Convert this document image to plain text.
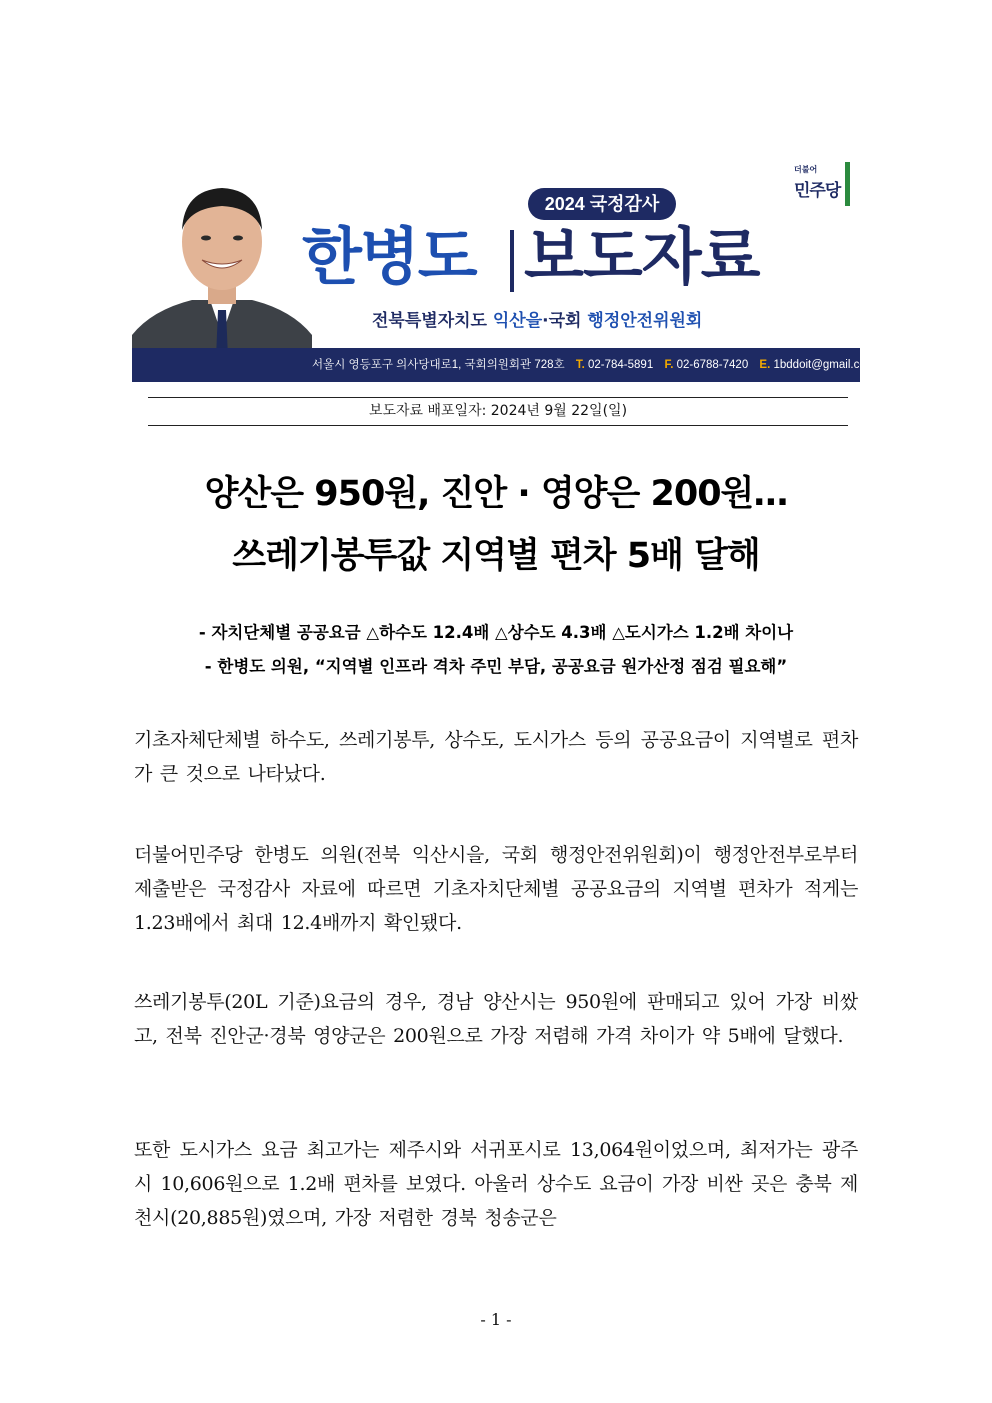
2024 국정감사
한병도 보도자료
더불어
민주당
전북특별자치도 익산을·국회 행정안전위원회
서울시 영등포구 의사당대로1, 국회의원회관 728호 T. 02-784-5891 F. 02-6788-7420 E. 1bddoit@gmail.com
보도자료 배포일자: 2024년 9월 22일(일)
양산은 950원, 진안 · 영양은 200원…
쓰레기봉투값 지역별 편차 5배 달해
- 자치단체별 공공요금 △하수도 12.4배 △상수도 4.3배 △도시가스 1.2배 차이나
- 한병도 의원, “지역별 인프라 격차 주민 부담, 공공요금 원가산정 점검 필요해”
기초자체단체별 하수도, 쓰레기봉투, 상수도, 도시가스 등의 공공요금이 지역별로 편차가 큰 것으로 나타났다.
더불어민주당 한병도 의원(전북 익산시을, 국회 행정안전위원회)이 행정안전부로부터 제출받은 국정감사 자료에 따르면 기초자치단체별 공공요금의 지역별 편차가 적게는 1.23배에서 최대 12.4배까지 확인됐다.
쓰레기봉투(20L 기준)요금의 경우, 경남 양산시는 950원에 판매되고 있어 가장 비쌌고, 전북 진안군·경북 영양군은 200원으로 가장 저렴해 가격 차이가 약 5배에 달했다.
또한 도시가스 요금 최고가는 제주시와 서귀포시로 13,064원이었으며, 최저가는 광주시 10,606원으로 1.2배 편차를 보였다. 아울러 상수도 요금이 가장 비싼 곳은 충북 제천시(20,885원)였으며, 가장 저렴한 경북 청송군은
- 1 -
